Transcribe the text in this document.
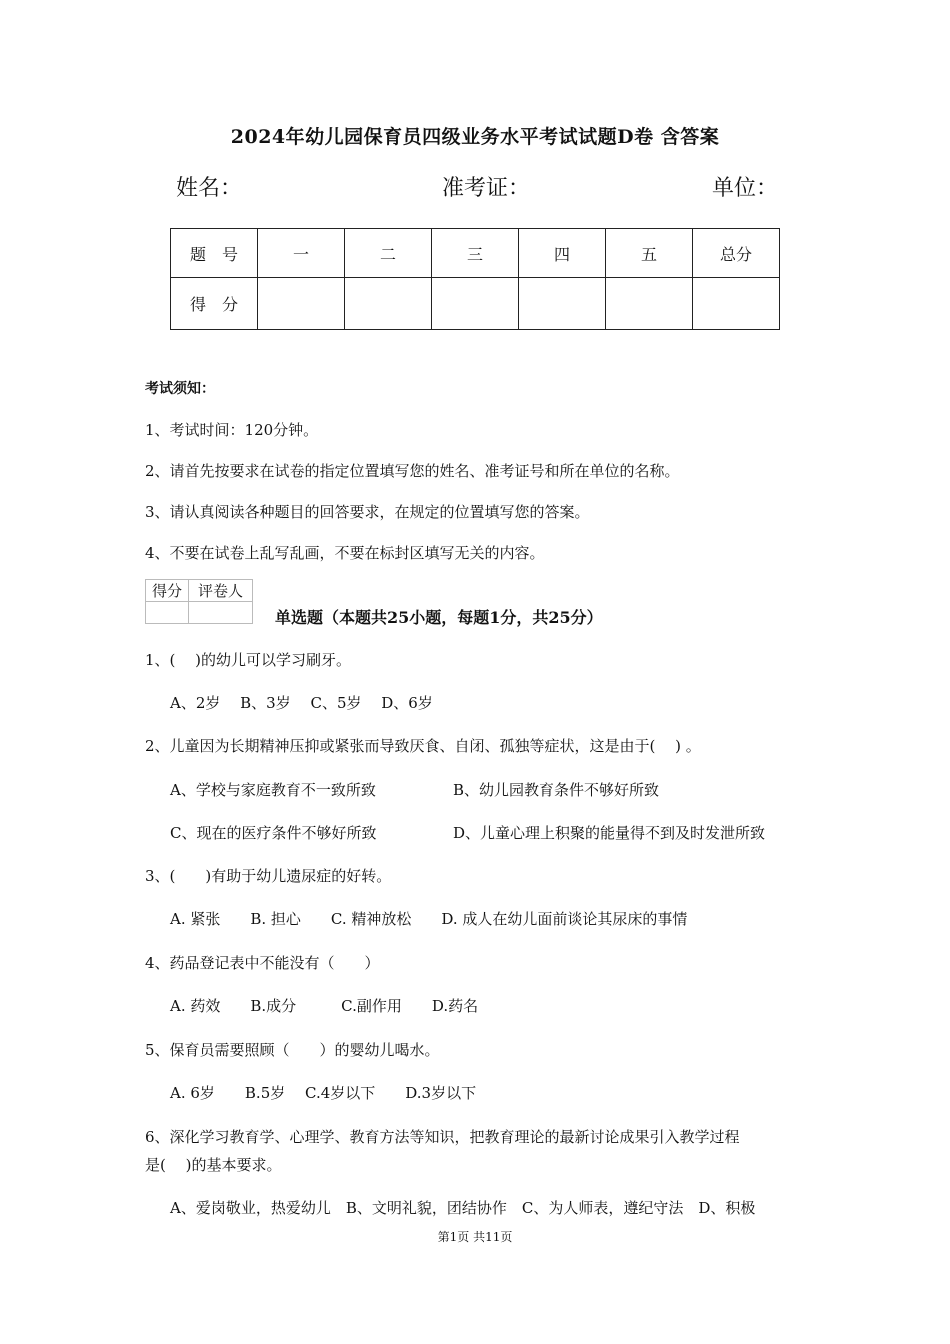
2024年幼儿园保育员四级业务水平考试试题D卷 含答案
姓名：	准考证：	单位：
题　号	一	二	三	四	五	总分
得　分						
考试须知：
1、考试时间：120分钟。
2、请首先按要求在试卷的指定位置填写您的姓名、准考证号和所在单位的名称。
3、请认真阅读各种题目的回答要求，在规定的位置填写您的答案。
4、不要在试卷上乱写乱画，不要在标封区填写无关的内容。
得分	评卷人

单选题（本题共25小题，每题1分，共25分）
1、(　 )的幼儿可以学习刷牙。
A、2岁　 B、3岁　 C、5岁　 D、6岁
2、儿童因为长期精神压抑或紧张而导致厌食、自闭、孤独等症状，这是由于(　 ) 。
A、学校与家庭教育不一致所致	B、幼儿园教育条件不够好所致
C、现在的医疗条件不够好所致	D、儿童心理上积聚的能量得不到及时发泄所致
3、(　　)有助于幼儿遗尿症的好转。
A. 紧张　　B. 担心　　C. 精神放松　　D. 成人在幼儿面前谈论其尿床的事情
4、药品登记表中不能没有（　　）
A. 药效　　B.成分　　　C.副作用　　D.药名
5、保育员需要照顾（　　）的婴幼儿喝水。
A. 6岁　　B.5岁　 C.4岁以下　　D.3岁以下
6、深化学习教育学、心理学、教育方法等知识，把教育理论的最新讨论成果引入教学过程
是(　 )的基本要求。
A、爱岗敬业，热爱幼儿　B、文明礼貌，团结协作　C、为人师表，遵纪守法　D、积极
第1页 共11页
